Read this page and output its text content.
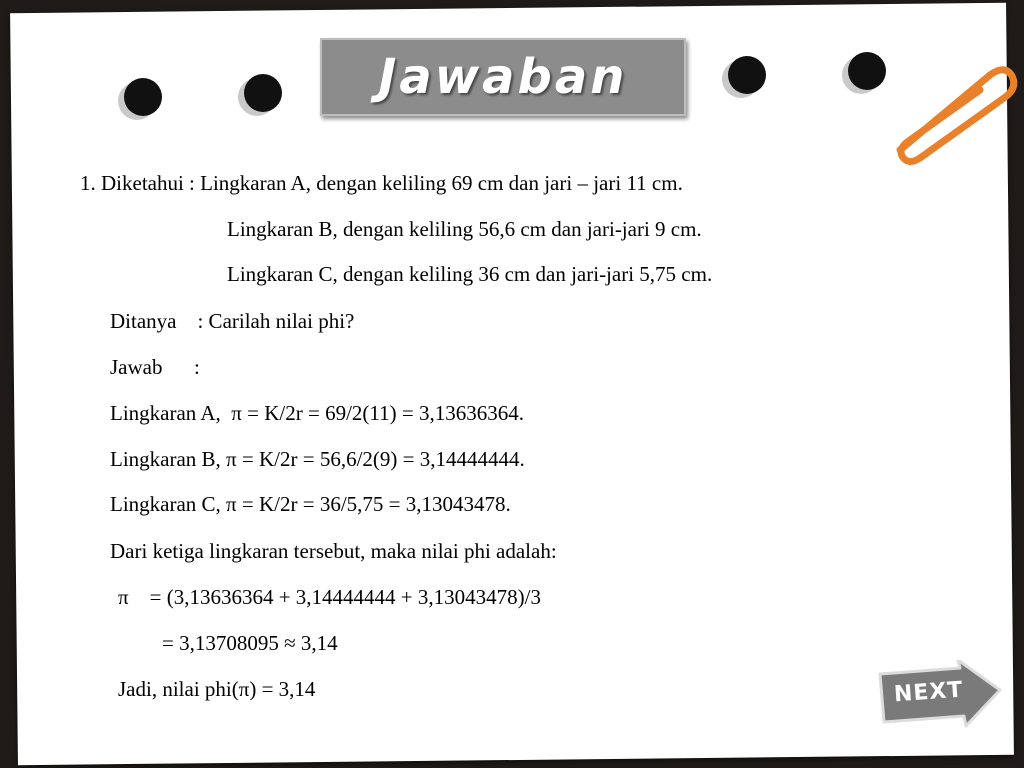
Jawaban
1. Diketahui : Lingkaran A, dengan keliling 69 cm dan jari – jari 11 cm.
Lingkaran B, dengan keliling 56,6 cm dan jari-jari 9 cm.
Lingkaran C, dengan keliling 36 cm dan jari-jari 5,75 cm.
Ditanya    : Carilah nilai phi?
Jawab      :
Lingkaran A,  π = K/2r = 69/2(11) = 3,13636364.
Lingkaran B, π = K/2r = 56,6/2(9) = 3,14444444.
Lingkaran C, π = K/2r = 36/5,75 = 3,13043478.
Dari ketiga lingkaran tersebut, maka nilai phi adalah:
π    = (3,13636364 + 3,14444444 + 3,13043478)/3
= 3,13708095 ≈ 3,14
Jadi, nilai phi(π) = 3,14	NEXT
